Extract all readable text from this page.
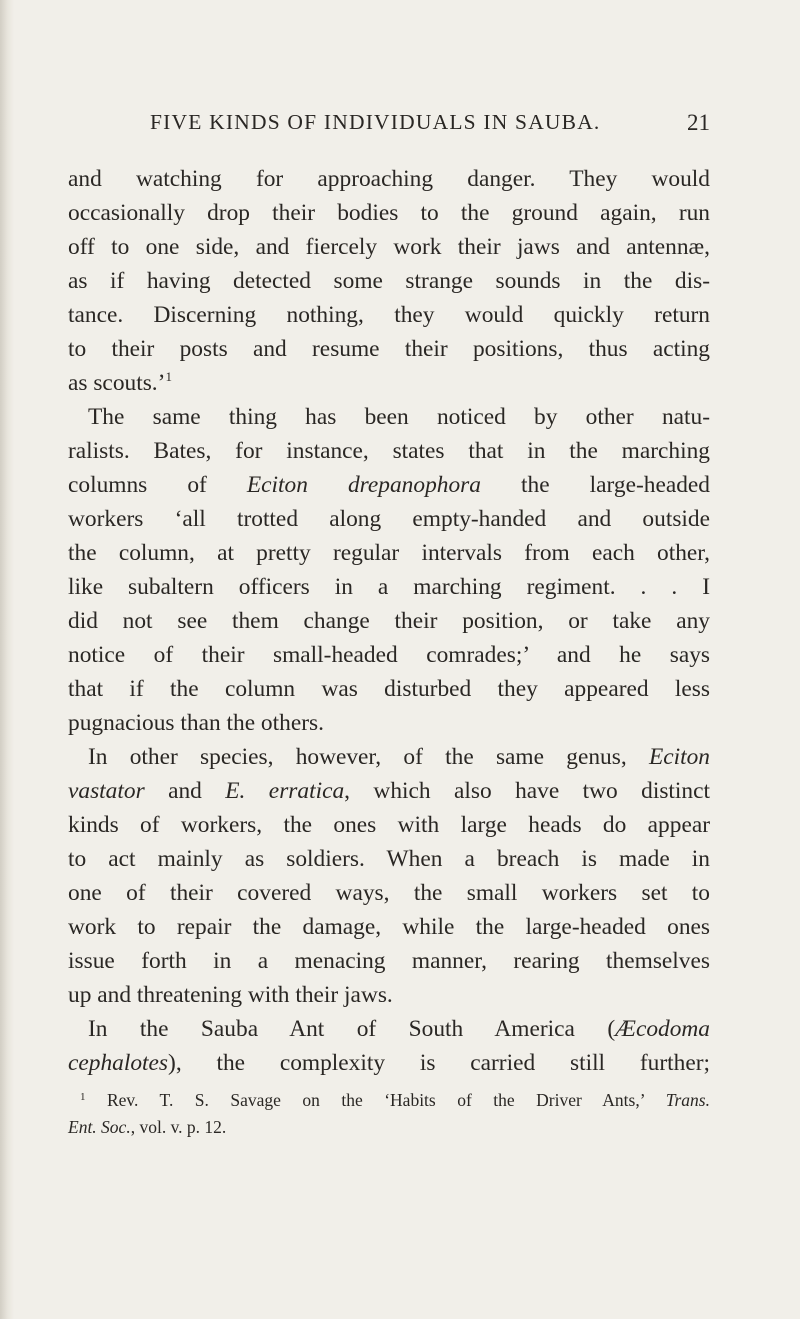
FIVE KINDS OF INDIVIDUALS IN SAUBA.	21
and watching for approaching danger. They would
occasionally drop their bodies to the ground again, run
off to one side, and fiercely work their jaws and antennæ,
as if having detected some strange sounds in the dis-
tance. Discerning nothing, they would quickly return
to their posts and resume their positions, thus acting
as scouts.’$^1$
The same thing has been noticed by other natu-
ralists. Bates, for instance, states that in the marching
columns of Eciton drepanophora the large-headed
workers ‘all trotted along empty-handed and outside
the column, at pretty regular intervals from each other,
like subaltern officers in a marching regiment. . . I
did not see them change their position, or take any
notice of their small-headed comrades;’ and he says
that if the column was disturbed they appeared less
pugnacious than the others.
In other species, however, of the same genus, Eciton
vastator and E. erratica, which also have two distinct
kinds of workers, the ones with large heads do appear
to act mainly as soldiers. When a breach is made in
one of their covered ways, the small workers set to
work to repair the damage, while the large-headed ones
issue forth in a menacing manner, rearing themselves
up and threatening with their jaws.
In the Sauba Ant of South America (Æcodoma
cephalotes), the complexity is carried still further;
$^1$ Rev. T. S. Savage on the ‘Habits of the Driver Ants,’ Trans.
Ent. Soc., vol. v. p. 12.
